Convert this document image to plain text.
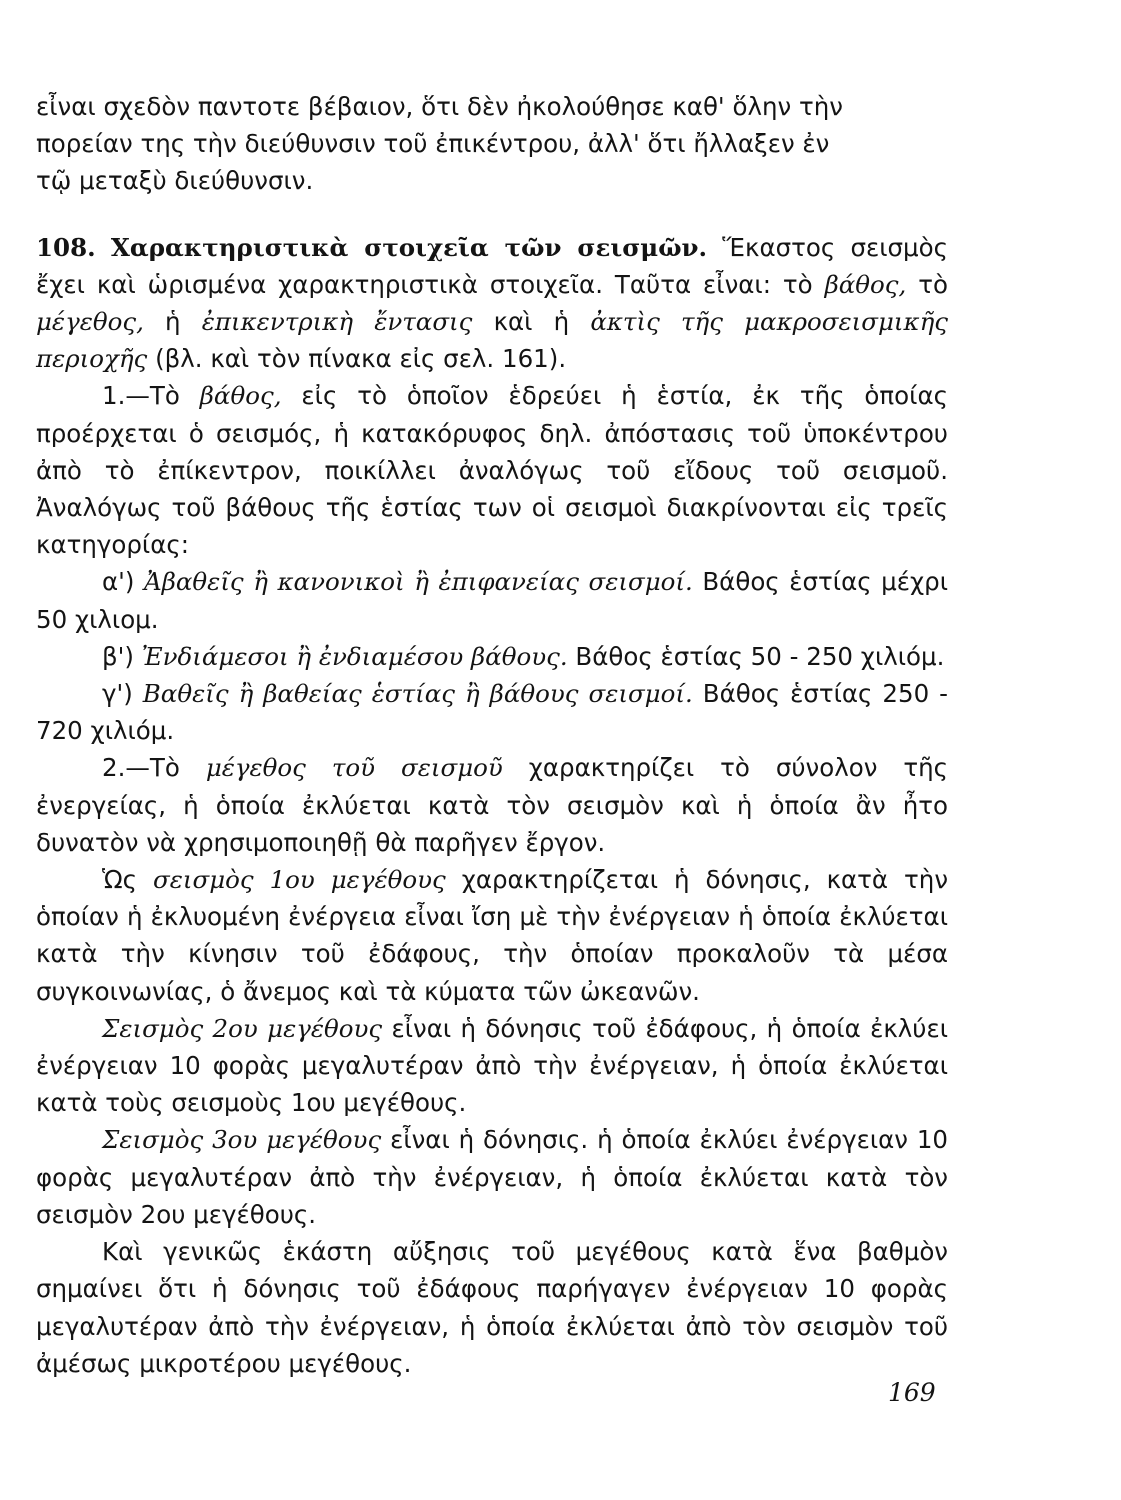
εἶναι σχεδὸν παντοτε βέβαιον, ὅτι δὲν ἠκολούθησε καθ' ὅλην τὴν
πορείαν της τὴν διεύθυνσιν τοῦ ἐπικέντρου, ἀλλ' ὅτι ἤλλαξεν ἐν
τῷ μεταξὺ διεύθυνσιν.

108. Χαρακτηριστικὰ στοιχεῖα τῶν σεισμῶν. Ἕκαστος σεισμὸς ἔχει καὶ ὡρισμένα χαρακτηριστικὰ στοιχεῖα. Ταῦτα εἶναι: τὸ βάθος, τὸ μέγεθος, ἡ ἐπικεντρικὴ ἔντασις καὶ ἡ ἀκτὶς τῆς μακροσεισμικῆς περιοχῆς (βλ. καὶ τὸν πίνακα εἰς σελ. 161).

1.—Τὸ βάθος, εἰς τὸ ὁποῖον ἑδρεύει ἡ ἑστία, ἐκ τῆς ὁποίας προέρχεται ὁ σεισμός, ἡ κατακόρυφος δηλ. ἀπόστασις τοῦ ὑποκέντρου ἀπὸ τὸ ἐπίκεντρον, ποικίλλει ἀναλόγως τοῦ εἴδους τοῦ σεισμοῦ. Ἀναλόγως τοῦ βάθους τῆς ἑστίας των οἱ σεισμοὶ διακρίνονται εἰς τρεῖς κατηγορίας:

α') Ἀβαθεῖς ἢ κανονικοὶ ἢ ἐπιφανείας σεισμοί. Βάθος ἑστίας μέχρι 50 χιλιομ.

β') Ἐνδιάμεσοι ἢ ἐνδιαμέσου βάθους. Βάθος ἑστίας 50 - 250 χιλιόμ.

γ') Βαθεῖς ἢ βαθείας ἑστίας ἢ βάθους σεισμοί. Βάθος ἑστίας 250 - 720 χιλιόμ.

2.—Τὸ μέγεθος τοῦ σεισμοῦ χαρακτηρίζει τὸ σύνολον τῆς ἐνεργείας, ἡ ὁποία ἐκλύεται κατὰ τὸν σεισμὸν καὶ ἡ ὁποία ἂν ἦτο δυνατὸν νὰ χρησιμοποιηθῇ θὰ παρῆγεν ἔργον.

Ὡς σεισμὸς 1ου μεγέθους χαρακτηρίζεται ἡ δόνησις, κατὰ τὴν ὁποίαν ἡ ἐκλυομένη ἐνέργεια εἶναι ἴση μὲ τὴν ἐνέργειαν ἡ ὁποία ἐκλύεται κατὰ τὴν κίνησιν τοῦ ἐδάφους, τὴν ὁποίαν προκαλοῦν τὰ μέσα συγκοινωνίας, ὁ ἄνεμος καὶ τὰ κύματα τῶν ὠκεανῶν.

Σεισμὸς 2ου μεγέθους εἶναι ἡ δόνησις τοῦ ἐδάφους, ἡ ὁποία ἐκλύει ἐνέργειαν 10 φορὰς μεγαλυτέραν ἀπὸ τὴν ἐνέργειαν, ἡ ὁποία ἐκλύεται κατὰ τοὺς σεισμοὺς 1ου μεγέθους.

Σεισμὸς 3ου μεγέθους εἶναι ἡ δόνησις. ἡ ὁποία ἐκλύει ἐνέργειαν 10 φορὰς μεγαλυτέραν ἀπὸ τὴν ἐνέργειαν, ἡ ὁποία ἐκλύεται κατὰ τὸν σεισμὸν 2ου μεγέθους.

Καὶ γενικῶς ἑκάστη αὔξησις τοῦ μεγέθους κατὰ ἕνα βαθμὸν σημαίνει ὅτι ἡ δόνησις τοῦ ἐδάφους παρήγαγεν ἐνέργειαν 10 φορὰς μεγαλυτέραν ἀπὸ τὴν ἐνέργειαν, ἡ ὁποία ἐκλύεται ἀπὸ τὸν σεισμὸν τοῦ ἀμέσως μικροτέρου μεγέθους.

169
